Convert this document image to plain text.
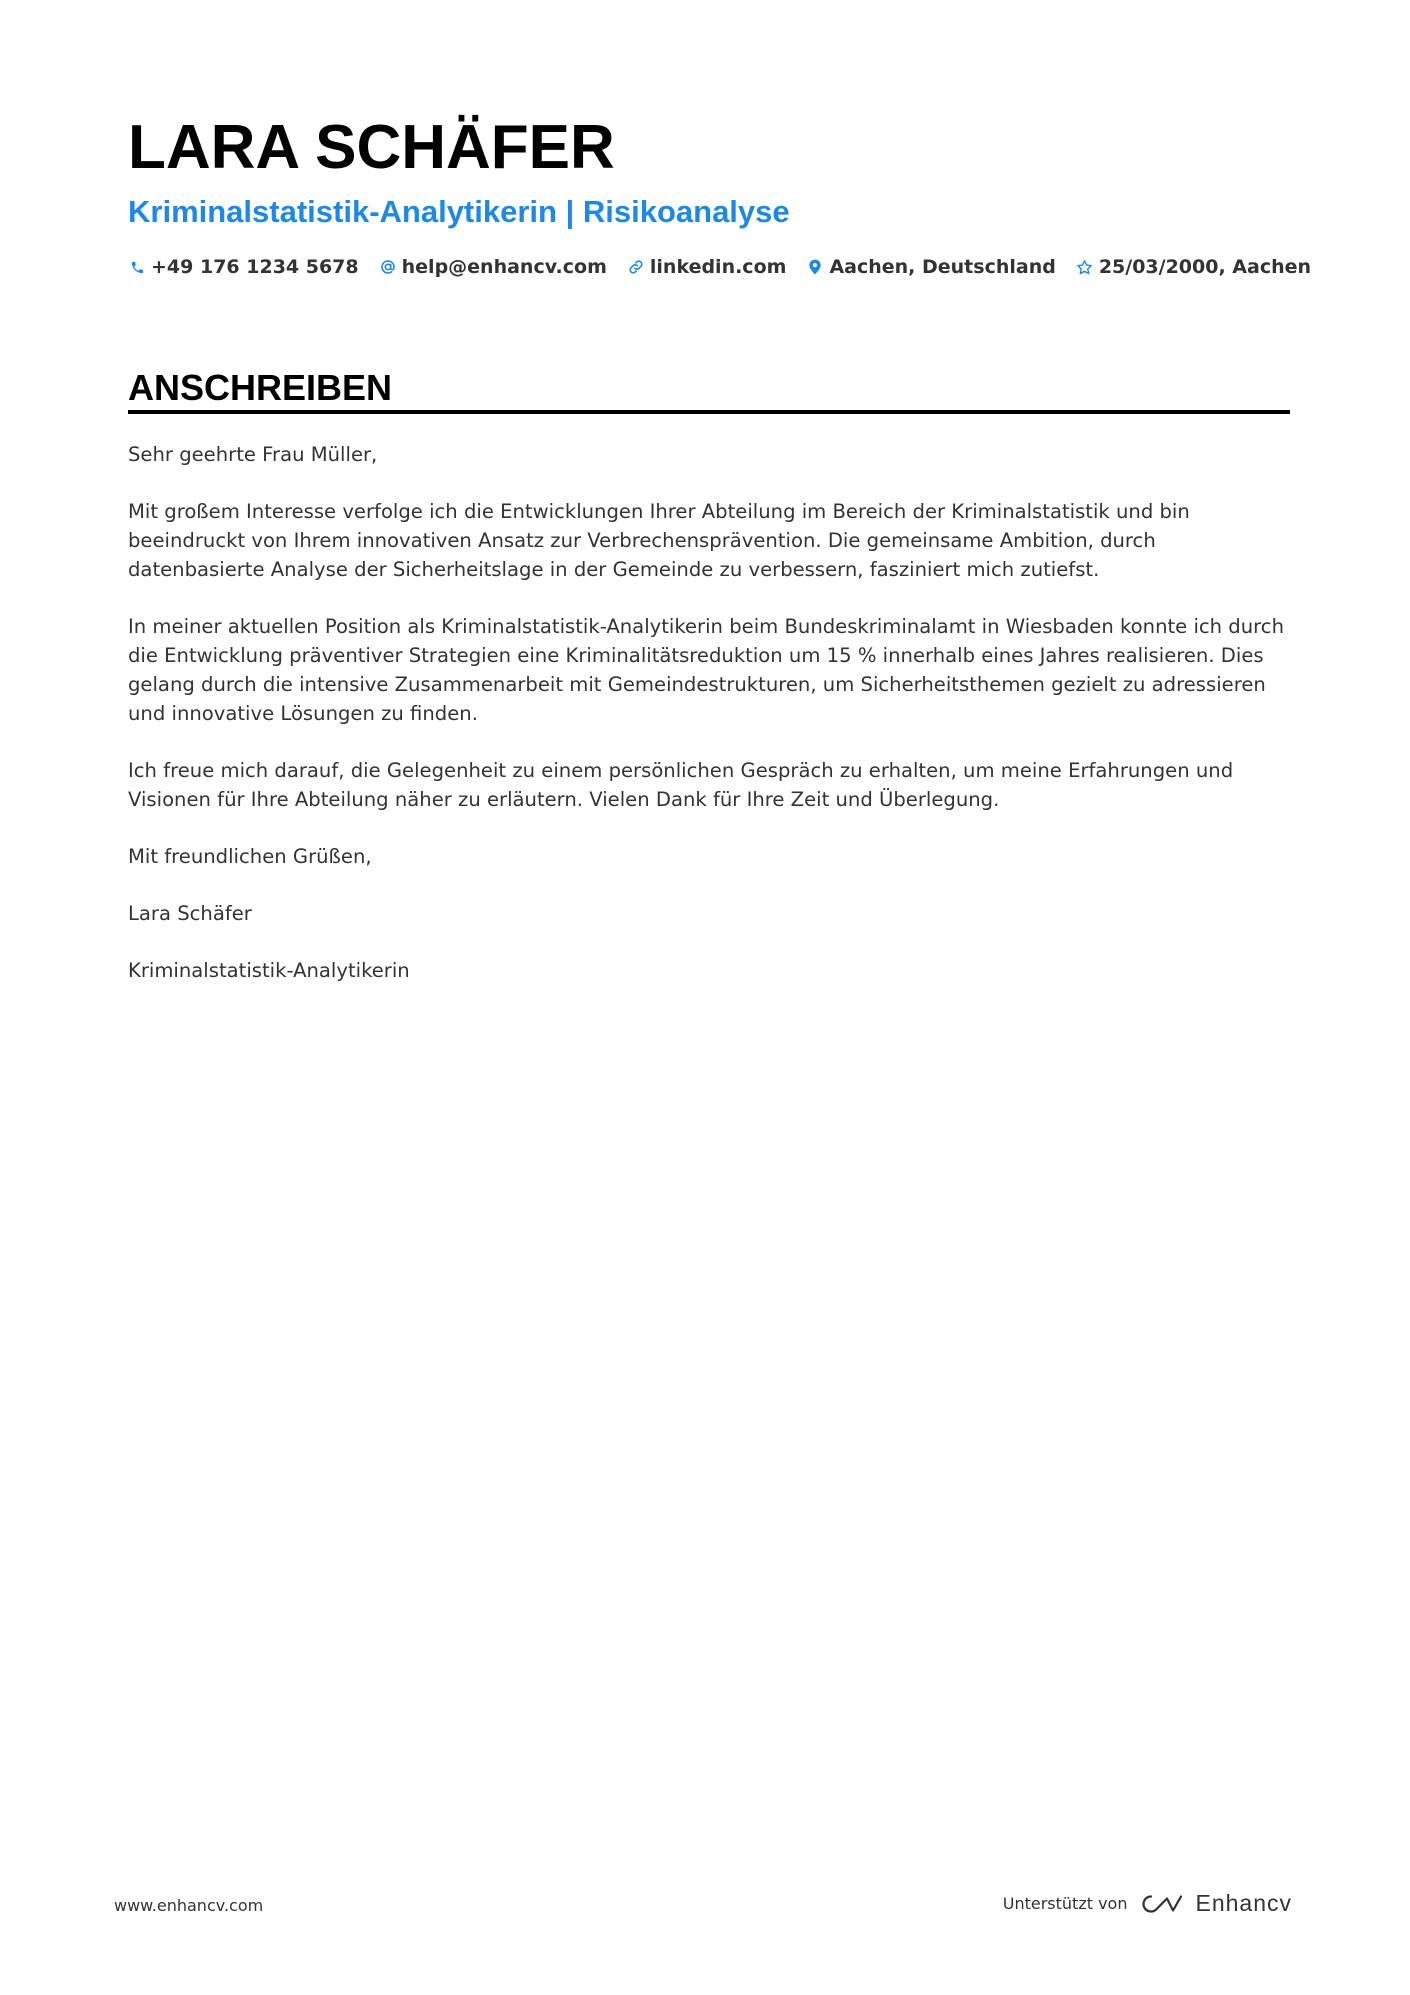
LARA SCHÄFER
Kriminalstatistik-Analytikerin | Risikoanalyse
+49 176 1234 5678 help@enhancv.com linkedin.com Aachen, Deutschland 25/03/2000, Aachen
ANSCHREIBEN

Sehr geehrte Frau Müller,

Mit großem Interesse verfolge ich die Entwicklungen Ihrer Abteilung im Bereich der Kriminalstatistik und bin beeindruckt von Ihrem innovativen Ansatz zur Verbrechensprävention. Die gemeinsame Ambition, durch datenbasierte Analyse der Sicherheitslage in der Gemeinde zu verbessern, fasziniert mich zutiefst.

In meiner aktuellen Position als Kriminalstatistik-Analytikerin beim Bundeskriminalamt in Wiesbaden konnte ich durch die Entwicklung präventiver Strategien eine Kriminalitätsreduktion um 15 % innerhalb eines Jahres realisieren. Dies gelang durch die intensive Zusammenarbeit mit Gemeindestrukturen, um Sicherheitsthemen gezielt zu adressieren und innovative Lösungen zu finden.

Ich freue mich darauf, die Gelegenheit zu einem persönlichen Gespräch zu erhalten, um meine Erfahrungen und Visionen für Ihre Abteilung näher zu erläutern. Vielen Dank für Ihre Zeit und Überlegung.

Mit freundlichen Grüßen,

Lara Schäfer

Kriminalstatistik-Analytikerin

www.enhancv.com	Unterstützt von	Enhancv
